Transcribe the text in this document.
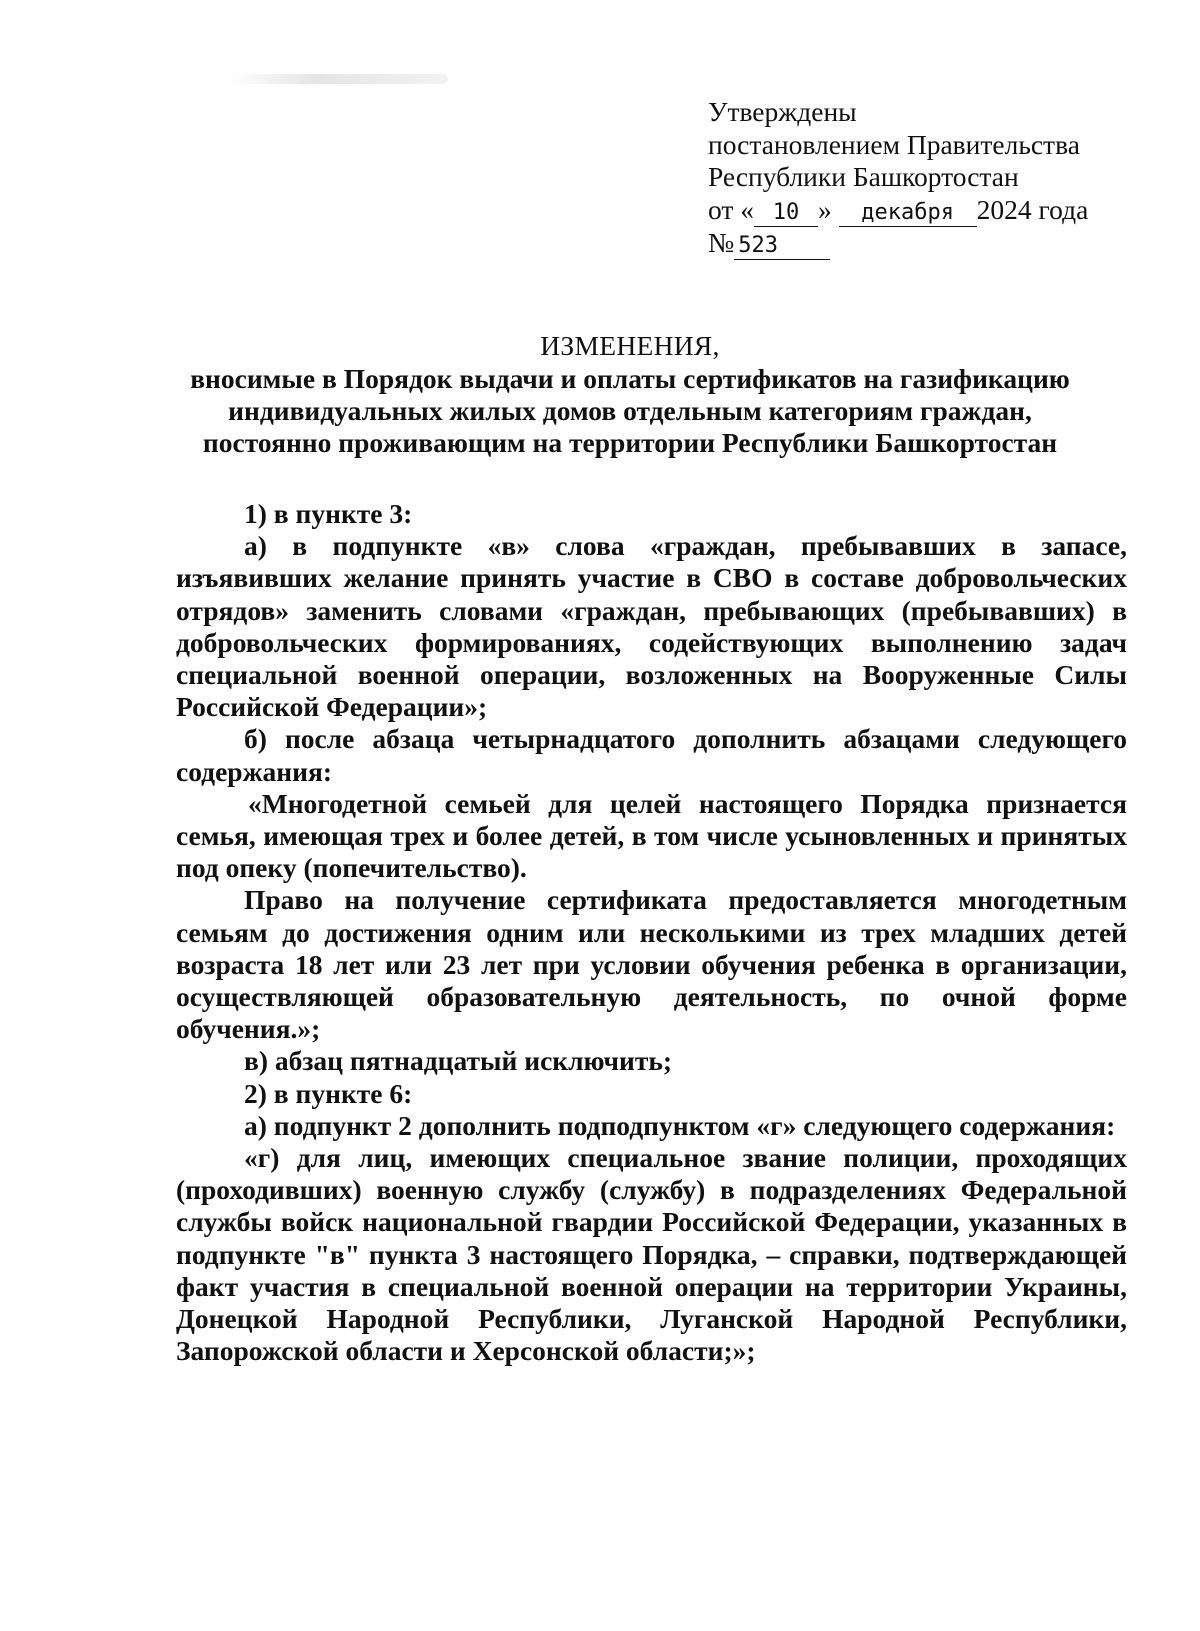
Утверждены
постановлением Правительства
Республики Башкортостан
от « 10 » декабря 2024 года
№ 523
ИЗМЕНЕНИЯ,
вносимые в Порядок выдачи и оплаты сертификатов на газификацию
индивидуальных жилых домов отдельным категориям граждан,
постоянно проживающим на территории Республики Башкортостан

1) в пункте 3:

а) в подпункте «в» слова «граждан, пребывавших в запасе, изъявивших желание принять участие в СВО в составе добровольческих отрядов» заменить словами «граждан, пребывающих (пребывавших) в добровольческих формированиях, содействующих выполнению задач специальной военной операции, возложенных на Вооруженные Силы Российской Федерации»;

б) после абзаца четырнадцатого дополнить абзацами следующего содержания:

«Многодетной семьей для целей настоящего Порядка признается семья, имеющая трех и более детей, в том числе усыновленных и принятых под опеку (попечительство).

Право на получение сертификата предоставляется многодетным семьям до достижения одним или несколькими из трех младших детей возраста 18 лет или 23 лет при условии обучения ребенка в организации, осуществляющей образовательную деятельность, по очной форме обучения.»;

в) абзац пятнадцатый исключить;

2) в пункте 6:

а) подпункт 2 дополнить подподпунктом «г» следующего содержания:

«г) для лиц, имеющих специальное звание полиции, проходящих (проходивших) военную службу (службу) в подразделениях Федеральной службы войск национальной гвардии Российской Федерации, указанных в подпункте "в" пункта 3 настоящего Порядка, – справки, подтверждающей факт участия в специальной военной операции на территории Украины, Донецкой Народной Республики, Луганской Народной Республики, Запорожской области и Херсонской области;»;
